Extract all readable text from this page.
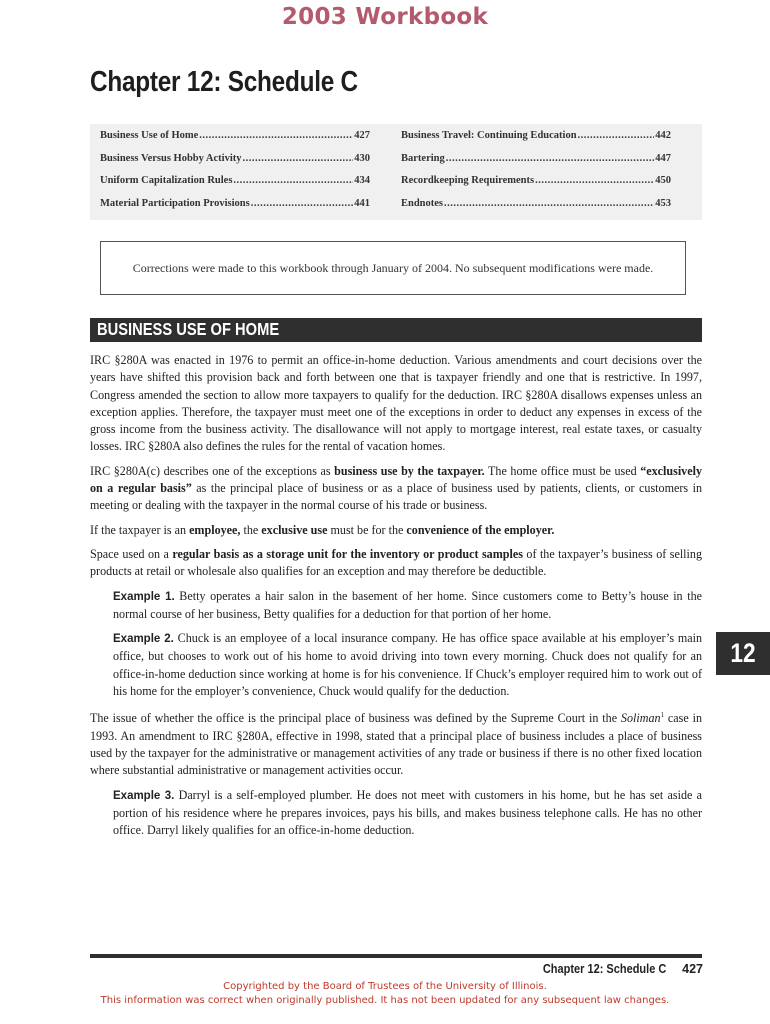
2003 Workbook
Chapter 12: Schedule C
Business Use of Home .....	427
Business Versus Hobby Activity .....	430
Uniform Capitalization Rules .....	434
Material Participation Provisions .....	441
Business Travel: Continuing Education .....	442
Bartering .....	447
Recordkeeping Requirements .....	450
Endnotes .....	453
Corrections were made to this workbook through January of 2004. No subsequent modifications were made.
BUSINESS USE OF HOME

IRC §280A was enacted in 1976 to permit an office-in-home deduction. Various amendments and court decisions over the years have shifted this provision back and forth between one that is taxpayer friendly and one that is restrictive. In 1997, Congress amended the section to allow more taxpayers to qualify for the deduction. IRC §280A disallows expenses unless an exception applies. Therefore, the taxpayer must meet one of the exceptions in order to deduct any expenses in excess of the gross income from the business activity. The disallowance will not apply to mortgage interest, real estate taxes, or casualty losses. IRC §280A also defines the rules for the rental of vacation homes.

IRC §280A(c) describes one of the exceptions as business use by the taxpayer. The home office must be used “exclusively on a regular basis” as the principal place of business or as a place of business used by patients, clients, or customers in meeting or dealing with the taxpayer in the normal course of his trade or business.

If the taxpayer is an employee, the exclusive use must be for the convenience of the employer.

Space used on a regular basis as a storage unit for the inventory or product samples of the taxpayer’s business of selling products at retail or wholesale also qualifies for an exception and may therefore be deductible.

Example 1. Betty operates a hair salon in the basement of her home. Since customers come to Betty’s house in the normal course of her business, Betty qualifies for a deduction for that portion of her home.

Example 2. Chuck is an employee of a local insurance company. He has office space available at his employer’s main office, but chooses to work out of his home to avoid driving into town every morning. Chuck does not qualify for an office-in-home deduction since working at home is for his convenience. If Chuck’s employer required him to work out of his home for the employer’s convenience, Chuck would qualify for the deduction.

The issue of whether the office is the principal place of business was defined by the Supreme Court in the Soliman$^1$ case in 1993. An amendment to IRC §280A, effective in 1998, stated that a principal place of business includes a place of business used by the taxpayer for the administrative or management activities of any trade or business if there is no other fixed location where substantial administrative or management activities occur.

Example 3. Darryl is a self-employed plumber. He does not meet with customers in his home, but he has set aside a portion of his residence where he prepares invoices, pays his bills, and makes business telephone calls. He has no other office. Darryl likely qualifies for an office-in-home deduction.

12
Chapter 12: Schedule C 427
Copyrighted by the Board of Trustees of the University of Illinois.
This information was correct when originally published. It has not been updated for any subsequent law changes.
